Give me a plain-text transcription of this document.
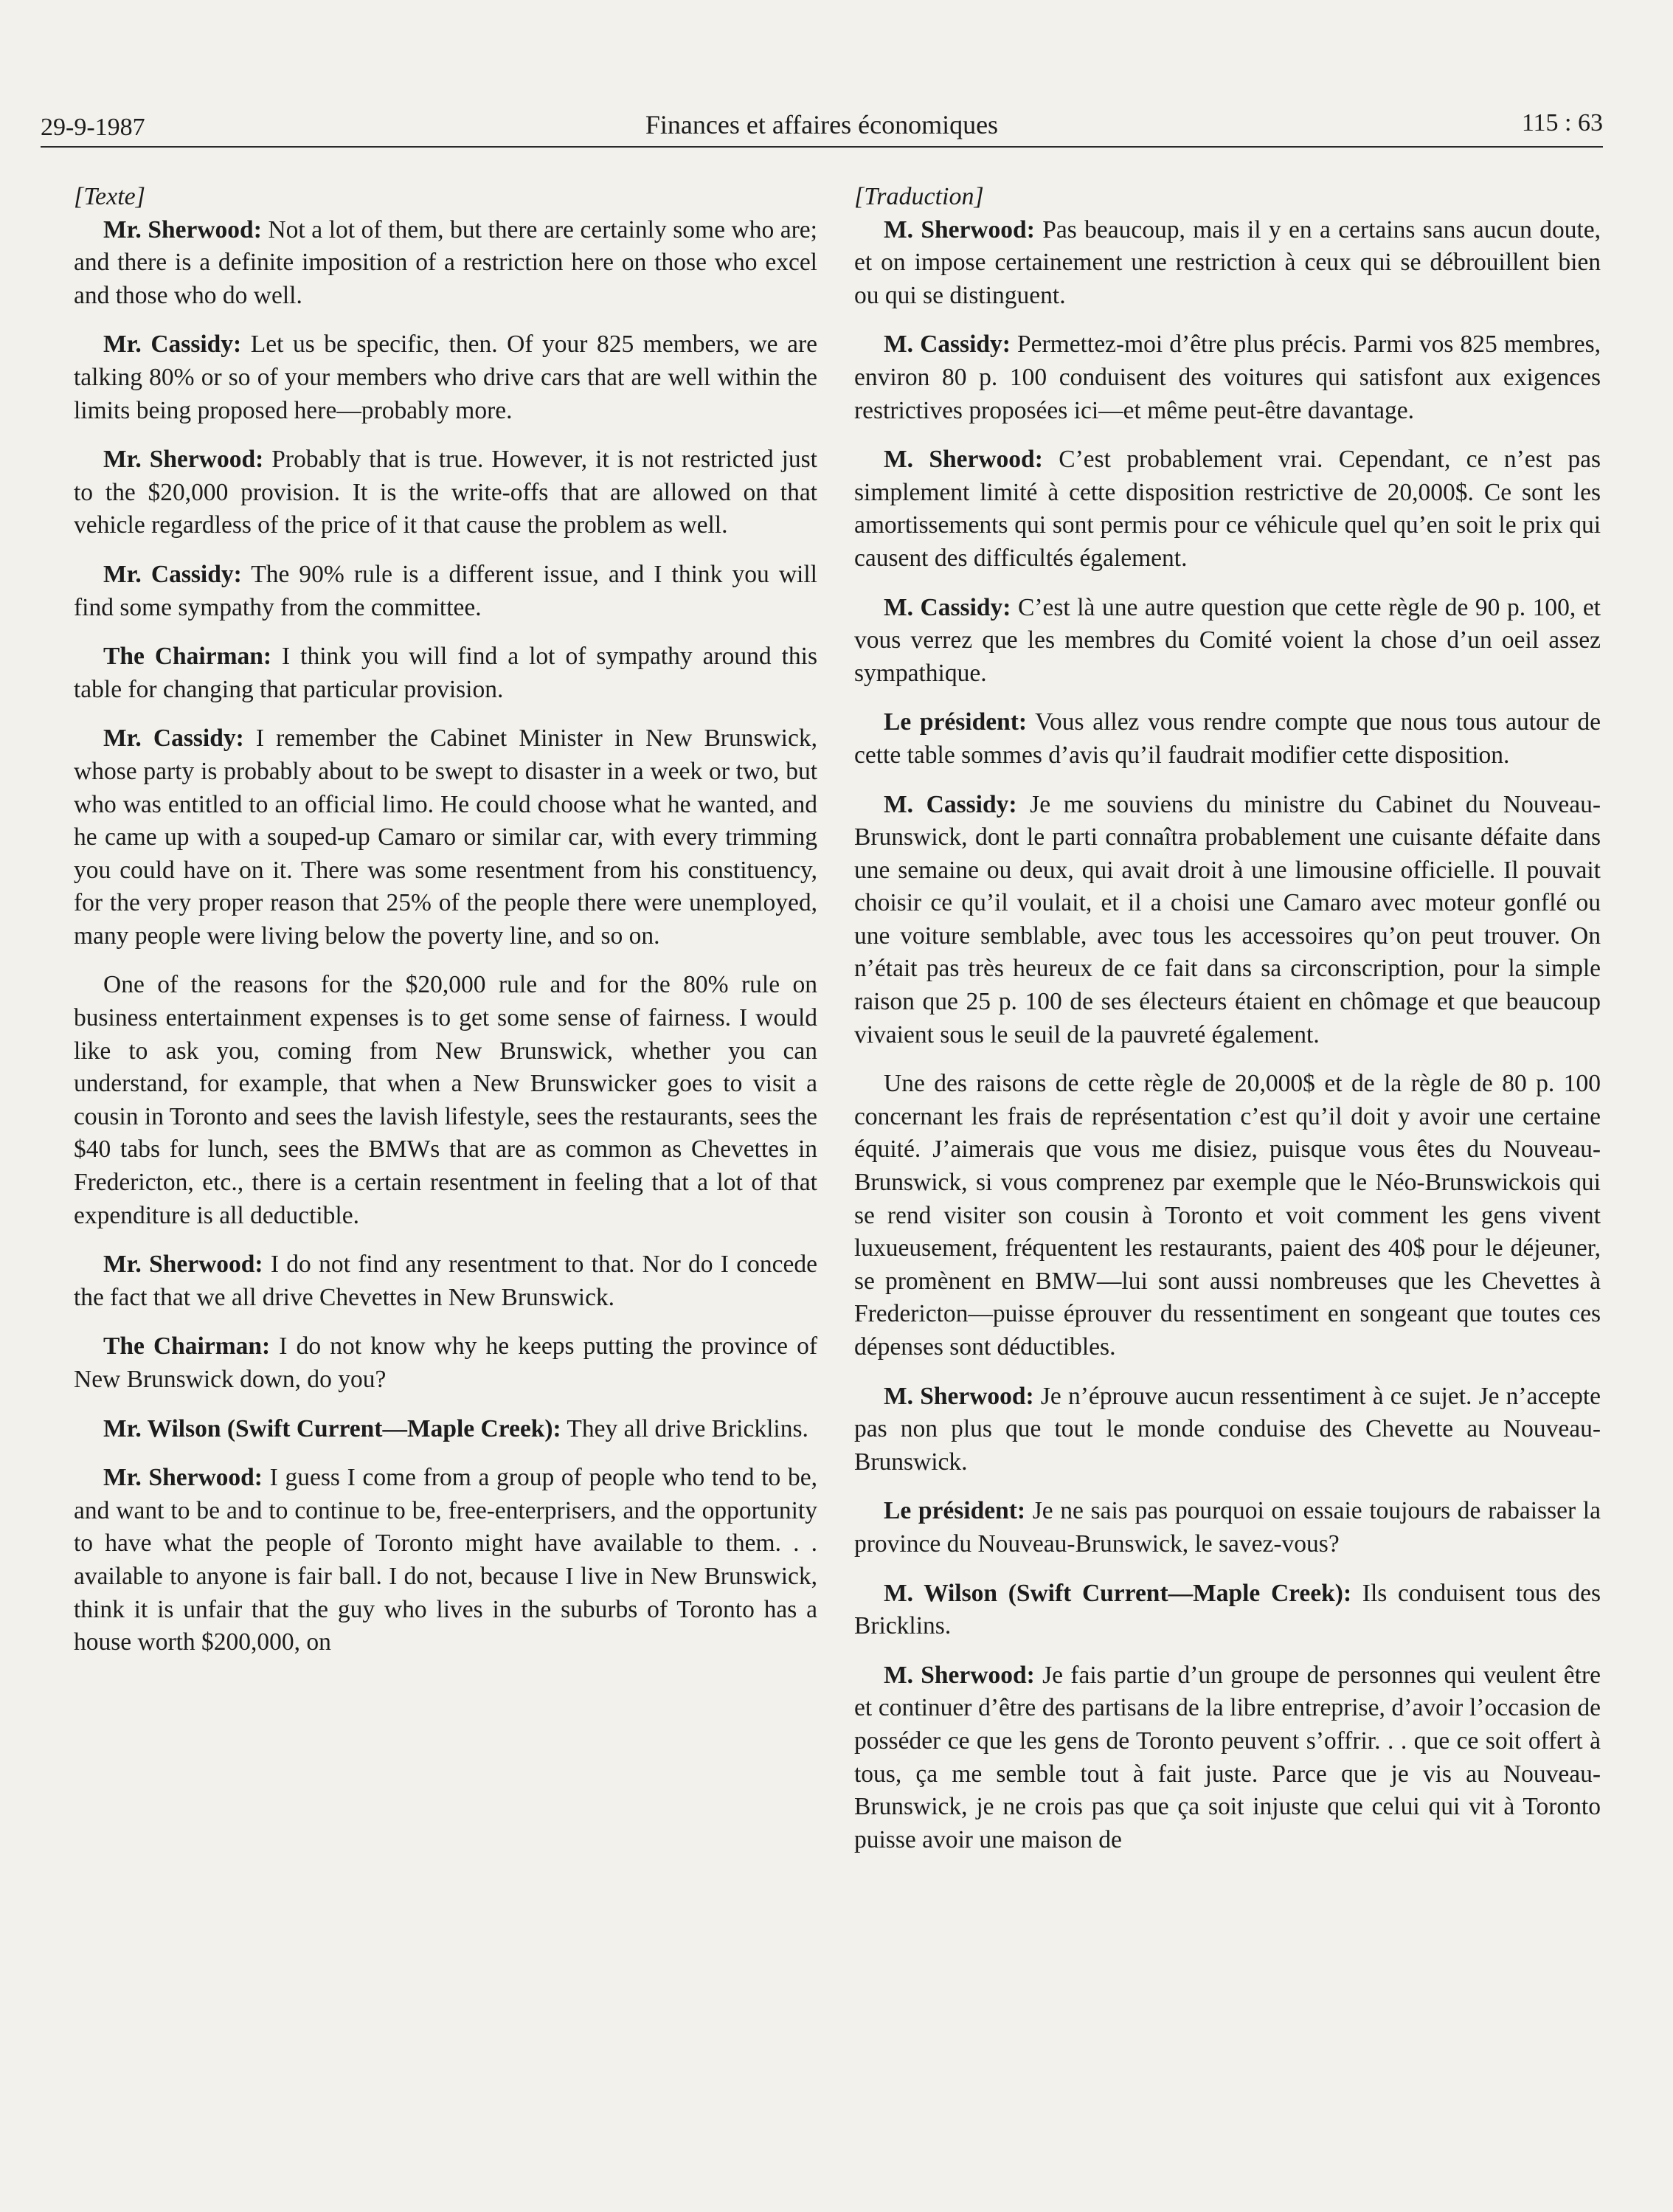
29-9-1987	Finances et affaires économiques	115 : 63
[Texte]

Mr. Sherwood: Not a lot of them, but there are certainly some who are; and there is a definite imposition of a restriction here on those who excel and those who do well.

Mr. Cassidy: Let us be specific, then. Of your 825 members, we are talking 80% or so of your members who drive cars that are well within the limits being proposed here—probably more.

Mr. Sherwood: Probably that is true. However, it is not restricted just to the $20,000 provision. It is the write-offs that are allowed on that vehicle regardless of the price of it that cause the problem as well.

Mr. Cassidy: The 90% rule is a different issue, and I think you will find some sympathy from the committee.

The Chairman: I think you will find a lot of sympathy around this table for changing that particular provision.

Mr. Cassidy: I remember the Cabinet Minister in New Brunswick, whose party is probably about to be swept to disaster in a week or two, but who was entitled to an official limo. He could choose what he wanted, and he came up with a souped-up Camaro or similar car, with every trimming you could have on it. There was some resentment from his constituency, for the very proper reason that 25% of the people there were unemployed, many people were living below the poverty line, and so on.

One of the reasons for the $20,000 rule and for the 80% rule on business entertainment expenses is to get some sense of fairness. I would like to ask you, coming from New Brunswick, whether you can understand, for example, that when a New Brunswicker goes to visit a cousin in Toronto and sees the lavish lifestyle, sees the restaurants, sees the $40 tabs for lunch, sees the BMWs that are as common as Chevettes in Fredericton, etc., there is a certain resentment in feeling that a lot of that expenditure is all deductible.

Mr. Sherwood: I do not find any resentment to that. Nor do I concede the fact that we all drive Chevettes in New Brunswick.

The Chairman: I do not know why he keeps putting the province of New Brunswick down, do you?

Mr. Wilson (Swift Current—Maple Creek): They all drive Bricklins.

Mr. Sherwood: I guess I come from a group of people who tend to be, and want to be and to continue to be, free-enterprisers, and the opportunity to have what the people of Toronto might have available to them. . . available to anyone is fair ball. I do not, because I live in New Brunswick, think it is unfair that the guy who lives in the suburbs of Toronto has a house worth $200,000, on

[Traduction]

M. Sherwood: Pas beaucoup, mais il y en a certains sans aucun doute, et on impose certainement une restriction à ceux qui se débrouillent bien ou qui se distinguent.

M. Cassidy: Permettez-moi d’être plus précis. Parmi vos 825 membres, environ 80 p. 100 conduisent des voitures qui satisfont aux exigences restrictives proposées ici—et même peut-être davantage.

M. Sherwood: C’est probablement vrai. Cependant, ce n’est pas simplement limité à cette disposition restrictive de 20,000$. Ce sont les amortissements qui sont permis pour ce véhicule quel qu’en soit le prix qui causent des difficultés également.

M. Cassidy: C’est là une autre question que cette règle de 90 p. 100, et vous verrez que les membres du Comité voient la chose d’un oeil assez sympathique.

Le président: Vous allez vous rendre compte que nous tous autour de cette table sommes d’avis qu’il faudrait modifier cette disposition.

M. Cassidy: Je me souviens du ministre du Cabinet du Nouveau-Brunswick, dont le parti connaîtra probablement une cuisante défaite dans une semaine ou deux, qui avait droit à une limousine officielle. Il pouvait choisir ce qu’il voulait, et il a choisi une Camaro avec moteur gonflé ou une voiture semblable, avec tous les accessoires qu’on peut trouver. On n’était pas très heureux de ce fait dans sa circonscription, pour la simple raison que 25 p. 100 de ses électeurs étaient en chômage et que beaucoup vivaient sous le seuil de la pauvreté également.

Une des raisons de cette règle de 20,000$ et de la règle de 80 p. 100 concernant les frais de représentation c’est qu’il doit y avoir une certaine équité. J’aimerais que vous me disiez, puisque vous êtes du Nouveau-Brunswick, si vous comprenez par exemple que le Néo-Brunswickois qui se rend visiter son cousin à Toronto et voit comment les gens vivent luxueusement, fréquentent les restaurants, paient des 40$ pour le déjeuner, se promènent en BMW—lui sont aussi nombreuses que les Chevettes à Fredericton—puisse éprouver du ressentiment en songeant que toutes ces dépenses sont déductibles.

M. Sherwood: Je n’éprouve aucun ressentiment à ce sujet. Je n’accepte pas non plus que tout le monde conduise des Chevette au Nouveau-Brunswick.

Le président: Je ne sais pas pourquoi on essaie toujours de rabaisser la province du Nouveau-Brunswick, le savez-vous?

M. Wilson (Swift Current—Maple Creek): Ils conduisent tous des Bricklins.

M. Sherwood: Je fais partie d’un groupe de personnes qui veulent être et continuer d’être des partisans de la libre entreprise, d’avoir l’occasion de posséder ce que les gens de Toronto peuvent s’offrir. . . que ce soit offert à tous, ça me semble tout à fait juste. Parce que je vis au Nouveau-Brunswick, je ne crois pas que ça soit injuste que celui qui vit à Toronto puisse avoir une maison de
